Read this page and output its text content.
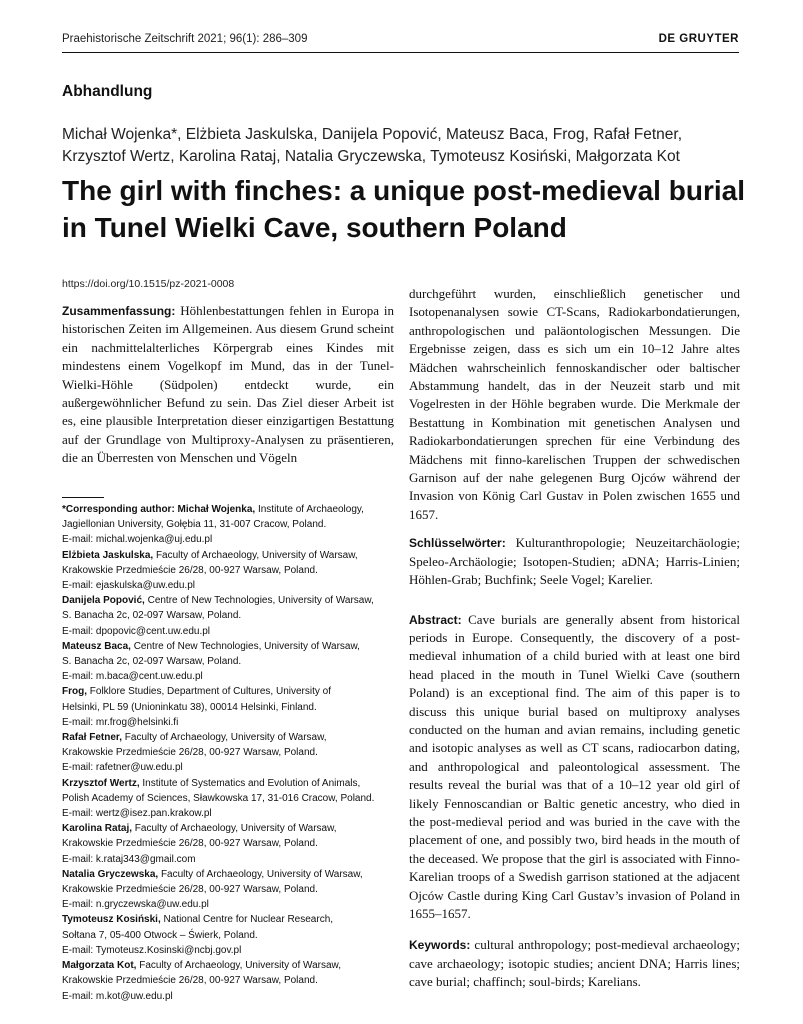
Praehistorische Zeitschrift 2021; 96(1): 286–309	DE GRUYTER
Abhandlung
Michał Wojenka*, Elżbieta Jaskulska, Danijela Popović, Mateusz Baca, Frog, Rafał Fetner,
Krzysztof Wertz, Karolina Rataj, Natalia Gryczewska, Tymoteusz Kosiński, Małgorzata Kot
The girl with finches: a unique post-medieval burial in Tunel Wielki Cave, southern Poland
https://doi.org/10.1515/pz-2021-0008

Zusammenfassung: Höhlenbestattungen fehlen in Europa in historischen Zeiten im Allgemeinen. Aus diesem Grund scheint ein nachmittelalterliches Körpergrab eines Kindes mit mindestens einem Vogelkopf im Mund, das in der Tunel-Wielki-Höhle (Südpolen) entdeckt wurde, ein außergewöhnlicher Befund zu sein. Das Ziel dieser Arbeit ist es, eine plausible Interpretation dieser einzigartigen Bestattung auf der Grundlage von Multiproxy-Analysen zu präsentieren, die an Überresten von Menschen und Vögeln

*Corresponding author: Michał Wojenka, Institute of Archaeology,

Jagiellonian University, Gołębia 11, 31-007 Cracow, Poland.

E-mail: michal.wojenka@uj.edu.pl

Elżbieta Jaskulska, Faculty of Archaeology, University of Warsaw,

Krakowskie Przedmieście 26/28, 00-927 Warsaw, Poland.

E-mail: ejaskulska@uw.edu.pl

Danijela Popović, Centre of New Technologies, University of Warsaw,

S. Banacha 2c, 02-097 Warsaw, Poland.

E-mail: dpopovic@cent.uw.edu.pl

Mateusz Baca, Centre of New Technologies, University of Warsaw,

S. Banacha 2c, 02-097 Warsaw, Poland.

E-mail: m.baca@cent.uw.edu.pl

Frog, Folklore Studies, Department of Cultures, University of

Helsinki, PL 59 (Unioninkatu 38), 00014 Helsinki, Finland.

E-mail: mr.frog@helsinki.fi

Rafał Fetner, Faculty of Archaeology, University of Warsaw,

Krakowskie Przedmieście 26/28, 00-927 Warsaw, Poland.

E-mail: rafetner@uw.edu.pl

Krzysztof Wertz, Institute of Systematics and Evolution of Animals,

Polish Academy of Sciences, Sławkowska 17, 31-016 Cracow, Poland.

E-mail: wertz@isez.pan.krakow.pl

Karolina Rataj, Faculty of Archaeology, University of Warsaw,

Krakowskie Przedmieście 26/28, 00-927 Warsaw, Poland.

E-mail: k.rataj343@gmail.com

Natalia Gryczewska, Faculty of Archaeology, University of Warsaw,

Krakowskie Przedmieście 26/28, 00-927 Warsaw, Poland.

E-mail: n.gryczewska@uw.edu.pl

Tymoteusz Kosiński, National Centre for Nuclear Research,

Sołtana 7, 05-400 Otwock – Świerk, Poland.

E-mail: Tymoteusz.Kosinski@ncbj.gov.pl

Małgorzata Kot, Faculty of Archaeology, University of Warsaw,

Krakowskie Przedmieście 26/28, 00-927 Warsaw, Poland.

E-mail: m.kot@uw.edu.pl

durchgeführt wurden, einschließlich genetischer und Isotopenanalysen sowie CT-Scans, Radiokarbondatierungen, anthropologischen und paläontologischen Messungen. Die Ergebnisse zeigen, dass es sich um ein 10–12 Jahre altes Mädchen wahrscheinlich fennoskandischer oder baltischer Abstammung handelt, das in der Neuzeit starb und mit Vogelresten in der Höhle begraben wurde. Die Merkmale der Bestattung in Kombination mit genetischen Analysen und Radiokarbondatierungen sprechen für eine Verbindung des Mädchens mit finno-karelischen Truppen der schwedischen Garnison auf der nahe gelegenen Burg Ojców während der Invasion von König Carl Gustav in Polen zwischen 1655 und 1657.

Schlüsselwörter: Kulturanthropologie; Neuzeitarchäologie; Speleo-Archäologie; Isotopen-Studien; aDNA; Harris-Linien; Höhlen-Grab; Buchfink; Seele Vogel; Karelier.

Abstract: Cave burials are generally absent from historical periods in Europe. Consequently, the discovery of a post-medieval inhumation of a child buried with at least one bird head placed in the mouth in Tunel Wielki Cave (southern Poland) is an exceptional find. The aim of this paper is to discuss this unique burial based on multiproxy analyses conducted on the human and avian remains, including genetic and isotopic analyses as well as CT scans, radiocarbon dating, and anthropological and paleontological assessment. The results reveal the burial was that of a 10–12 year old girl of likely Fennoscandian or Baltic genetic ancestry, who died in the post-medieval period and was buried in the cave with the placement of one, and possibly two, bird heads in the mouth of the deceased. We propose that the girl is associated with Finno-Karelian troops of a Swedish garrison stationed at the adjacent Ojców Castle during King Carl Gustav’s invasion of Poland in 1655–1657.

Keywords: cultural anthropology; post-medieval archaeology; cave archaeology; isotopic studies; ancient DNA; Harris lines; cave burial; chaffinch; soul-birds; Karelians.
